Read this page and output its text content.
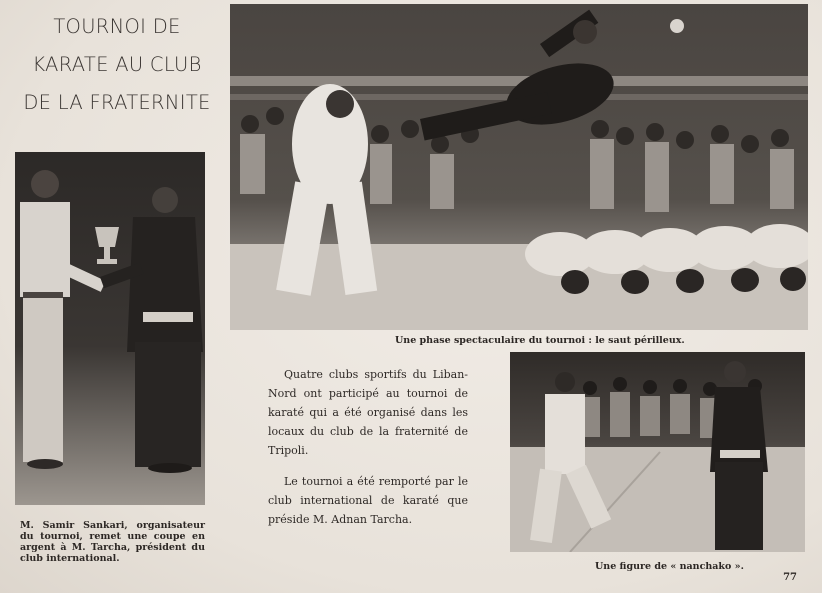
TOURNOI DE
KARATE AU CLUB
DE LA FRATERNITE
Une phase spectaculaire du tournoi : le saut périlleux.
M. Samir Sankari, organisateur du tournoi, remet une coupe en argent à M. Tarcha, président du club international.
Une figure de « nanchako ».

Quatre clubs sportifs du Liban-Nord ont participé au tournoi de karaté qui a été organisé dans les locaux du club de la fraternité de Tripoli.

Le tournoi a été remporté par le club international de karaté que préside M. Adnan Tarcha.

77
